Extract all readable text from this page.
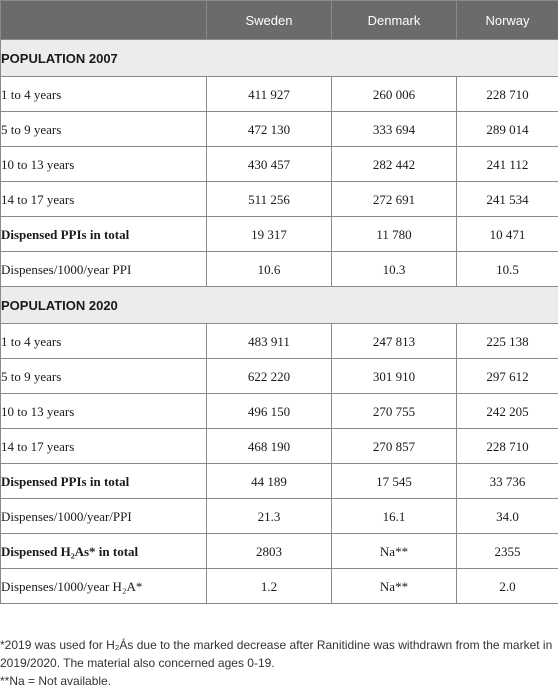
	Sweden	Denmark	Norway
POPULATION 2007			
1 to 4 years	411 927	260 006	228 710
5 to 9 years	472 130	333 694	289 014
10 to 13 years	430 457	282 442	241 112
14 to 17 years	511 256	272 691	241 534
Dispensed PPIs in total	19 317	11 780	10 471
Dispenses/1000/year PPI	10.6	10.3	10.5
POPULATION 2020			
1 to 4 years	483 911	247 813	225 138
5 to 9 years	622 220	301 910	297 612
10 to 13 years	496 150	270 755	242 205
14 to 17 years	468 190	270 857	228 710
Dispensed PPIs in total	44 189	17 545	33 736
Dispenses/1000/year/PPI	21.3	16.1	34.0
Dispensed H₂As* in total	2803	Na**	2355
Dispenses/1000/year H₂A*	1.2	Na**	2.0

*2019 was used for H₂Ás due to the marked decrease after Ranitidine was withdrawn from the market in 2019/2020. The material also concerned ages 0-19.

**Na = Not available.
